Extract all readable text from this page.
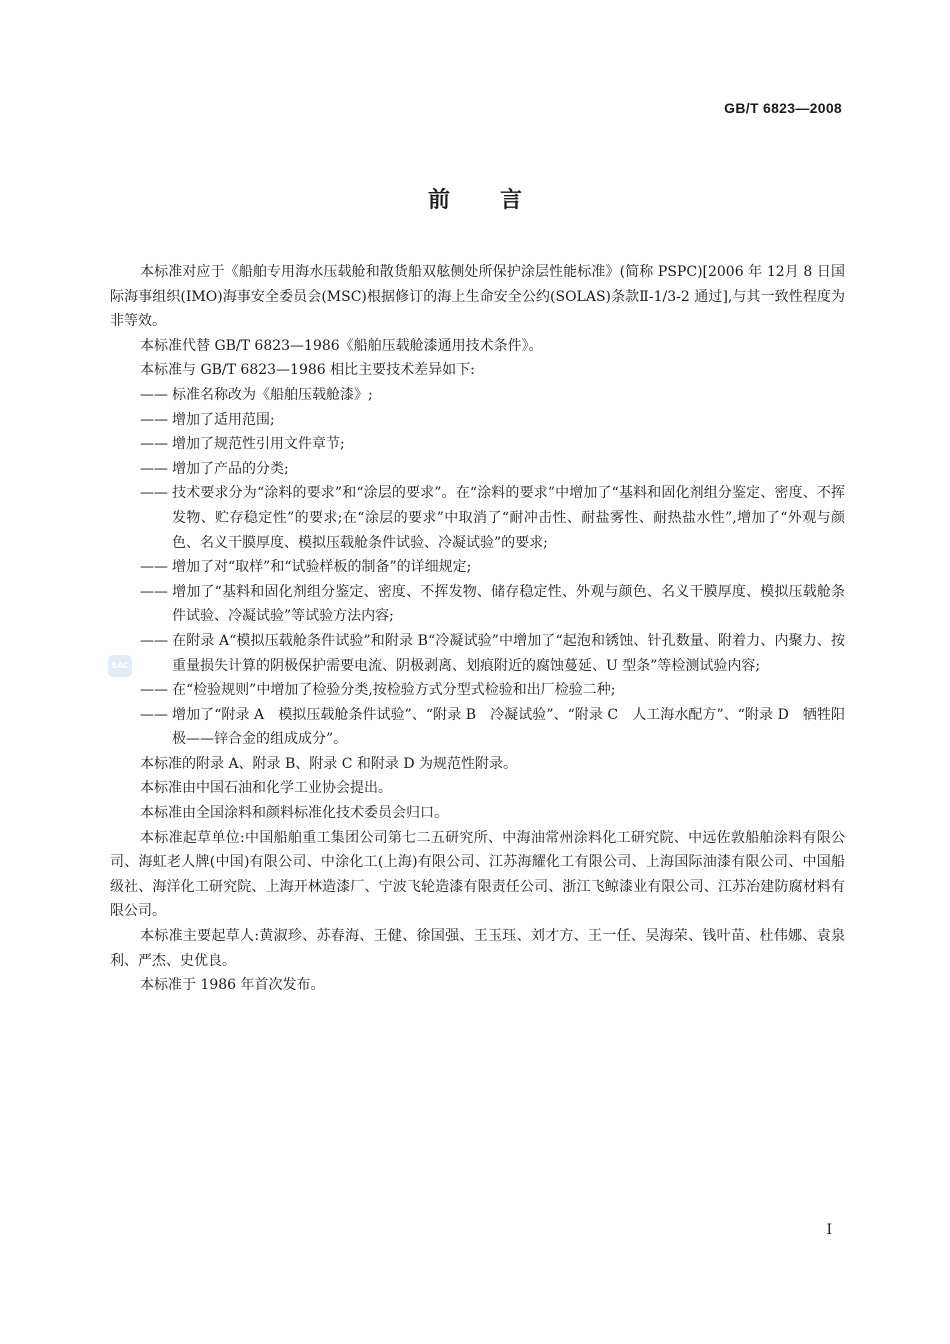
GB/T 6823—2008
前言
SAC

本标准对应于《船舶专用海水压载舱和散货船双舷侧处所保护涂层性能标准》(简称 PSPC)[2006 年 12月 8 日国际海事组织(IMO)海事安全委员会(MSC)根据修订的海上生命安全公约(SOLAS)条款Ⅱ-1/3-2 通过],与其一致性程度为非等效。

本标准代替 GB/T 6823—1986《船舶压载舱漆通用技术条件》。

本标准与 GB/T 6823—1986 相比主要技术差异如下:

—— 标准名称改为《船舶压载舱漆》;

—— 增加了适用范围;

—— 增加了规范性引用文件章节;

—— 增加了产品的分类;

—— 技术要求分为“涂料的要求”和“涂层的要求”。在“涂料的要求”中增加了“基料和固化剂组分鉴定、密度、不挥发物、贮存稳定性”的要求;在“涂层的要求”中取消了“耐冲击性、耐盐雾性、耐热盐水性”,增加了“外观与颜色、名义干膜厚度、模拟压载舱条件试验、冷凝试验”的要求;

—— 增加了对“取样”和“试验样板的制备”的详细规定;

—— 增加了“基料和固化剂组分鉴定、密度、不挥发物、储存稳定性、外观与颜色、名义干膜厚度、模拟压载舱条件试验、冷凝试验”等试验方法内容;

—— 在附录 A“模拟压载舱条件试验”和附录 B“冷凝试验”中增加了“起泡和锈蚀、针孔数量、附着力、内聚力、按重量损失计算的阴极保护需要电流、阴极剥离、划痕附近的腐蚀蔓延、U 型条”等检测试验内容;

—— 在“检验规则”中增加了检验分类,按检验方式分型式检验和出厂检验二种;

—— 增加了“附录 A　模拟压载舱条件试验”、“附录 B　冷凝试验”、“附录 C　人工海水配方”、“附录 D　牺牲阳极——锌合金的组成成分”。

本标准的附录 A、附录 B、附录 C 和附录 D 为规范性附录。

本标准由中国石油和化学工业协会提出。

本标准由全国涂料和颜料标准化技术委员会归口。

本标准起草单位:中国船舶重工集团公司第七二五研究所、中海油常州涂料化工研究院、中远佐敦船舶涂料有限公司、海虹老人牌(中国)有限公司、中涂化工(上海)有限公司、江苏海耀化工有限公司、上海国际油漆有限公司、中国船级社、海洋化工研究院、上海开林造漆厂、宁波飞轮造漆有限责任公司、浙江飞鲸漆业有限公司、江苏冶建防腐材料有限公司。

本标准主要起草人:黄淑珍、苏春海、王健、徐国强、王玉珏、刘才方、王一任、吴海荣、钱叶苗、杜伟娜、袁泉利、严杰、史优良。

本标准于 1986 年首次发布。

I
